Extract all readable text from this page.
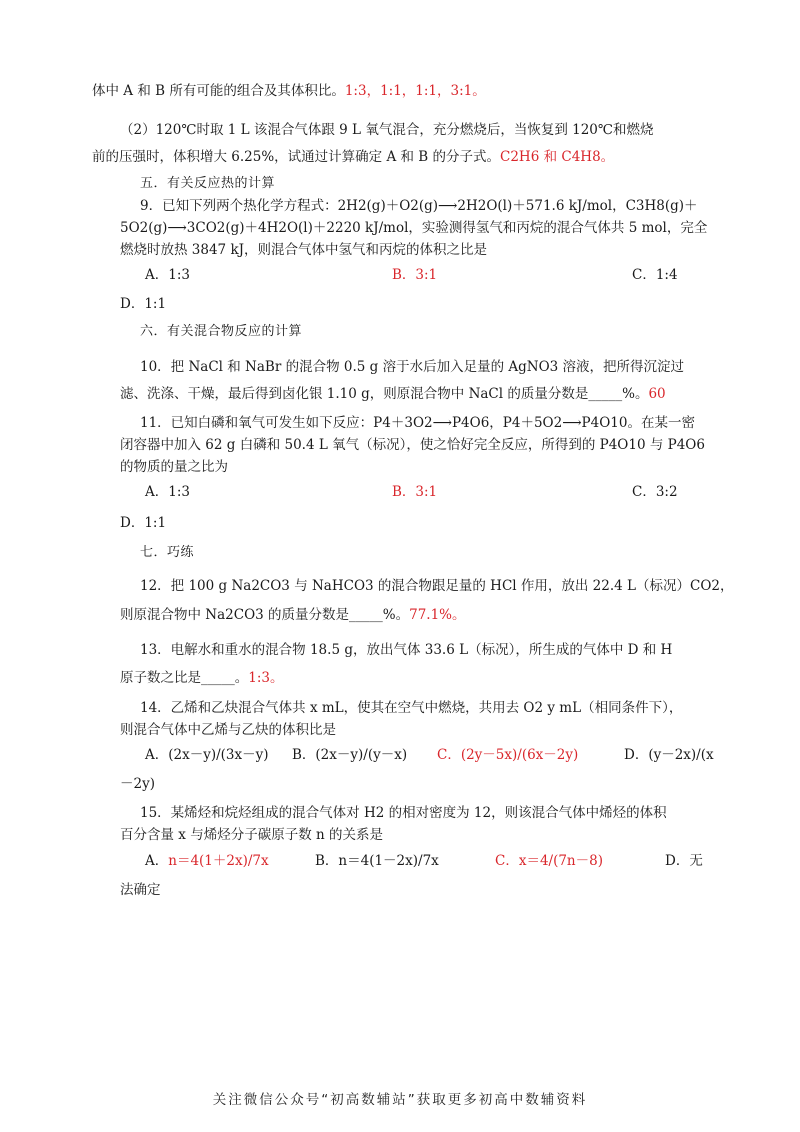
体中 A 和 B 所有可能的组合及其体积比。1:3，1:1，1:1，3:1。
（2）120℃时取 1 L 该混合气体跟 9 L 氧气混合，充分燃烧后，当恢复到 120℃和燃烧
前的压强时，体积增大 6.25%，试通过计算确定 A 和 B 的分子式。C2H6 和 C4H8。
五．有关反应热的计算
9．已知下列两个热化学方程式：2H2(g)＋O2(g)⟶2H2O(l)＋571.6 kJ/mol，C3H8(g)＋
5O2(g)⟶3CO2(g)＋4H2O(l)＋2220 kJ/mol，实验测得氢气和丙烷的混合气体共 5 mol，完全
燃烧时放热 3847 kJ，则混合气体中氢气和丙烷的体积之比是
A．1:3	B．3:1	C．1:4
D．1:1
六．有关混合物反应的计算
10．把 NaCl 和 NaBr 的混合物 0.5 g 溶于水后加入足量的 AgNO3 溶液，把所得沉淀过
滤、洗涤、干燥，最后得到卤化银 1.10 g，则原混合物中 NaCl 的质量分数是_____%。60
11．已知白磷和氧气可发生如下反应：P4＋3O2⟶P4O6，P4＋5O2⟶P4O10。在某一密
闭容器中加入 62 g 白磷和 50.4 L 氧气（标况），使之恰好完全反应，所得到的 P4O10 与 P4O6
的物质的量之比为
A．1:3	B．3:1	C．3:2
D．1:1
七．巧练
12．把 100 g Na2CO3 与 NaHCO3 的混合物跟足量的 HCl 作用，放出 22.4 L（标况）CO2，
则原混合物中 Na2CO3 的质量分数是_____%。77.1%。
13．电解水和重水的混合物 18.5 g，放出气体 33.6 L（标况），所生成的气体中 D 和 H
原子数之比是_____。1:3。
14．乙烯和乙炔混合气体共 x mL，使其在空气中燃烧，共用去 O2 y mL（相同条件下），
则混合气体中乙烯与乙炔的体积比是
A．(2x－y)/(3x－y) B．(2x－y)/(y－x) C．(2y－5x)/(6x－2y)	D．(y－2x)/(x
－2y)
15．某烯烃和烷烃组成的混合气体对 H2 的相对密度为 12，则该混合气体中烯烃的体积
百分含量 x 与烯烃分子碳原子数 n 的关系是
A．n＝4(1＋2x)/7x	B．n＝4(1－2x)/7x	C．x＝4/(7n－8)	D．无
法确定
关注微信公众号“初高数辅站”获取更多初高中数辅资料
